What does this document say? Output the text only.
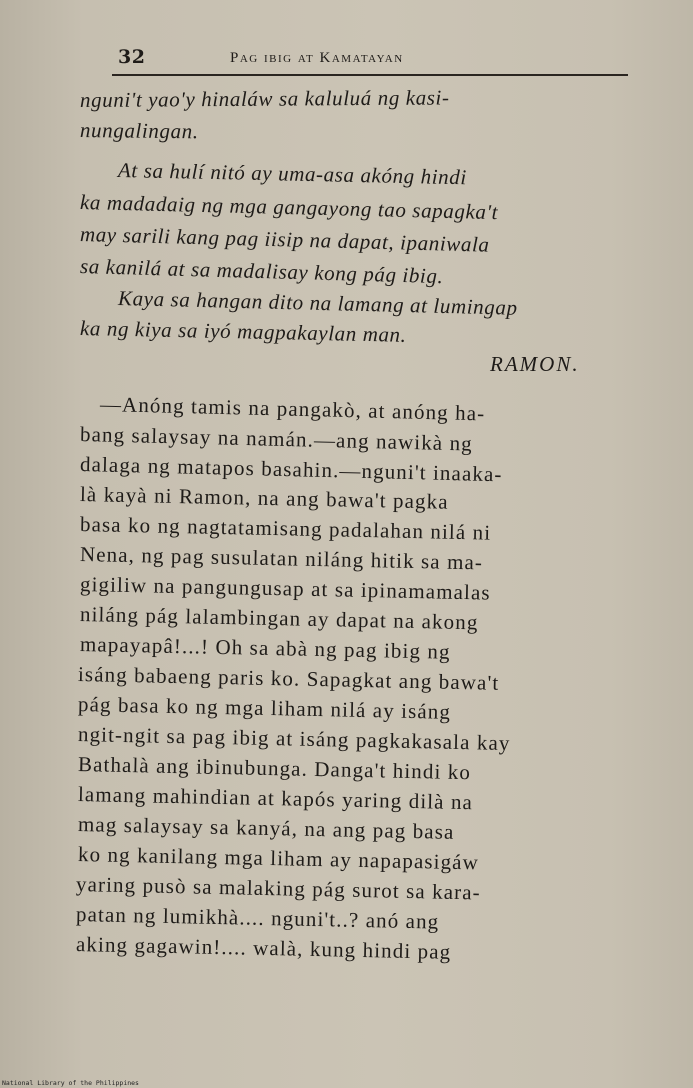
32	Pag ibig at Kamatayan
nguni't yao'y hinaláw sa kaluluá ng kasi-
nungalingan.
At sa hulí nitó ay uma-asa akóng hindi
ka madadaig ng mga gangayong tao sapagka't
may sarili kang pag iisip na dapat, ipaniwala
sa kanilá at sa madalisay kong pág ibig.
Kaya sa hangan dito na lamang at lumingap
ka ng kiya sa iyó magpakaylan man.
RAMON.
—Anóng tamis na pangakò, at anóng ha-
bang salaysay na namán.—ang nawikà ng
dalaga ng matapos basahin.—nguni't inaaka-
là kayà ni Ramon, na ang bawa't pagka
basa ko ng nagtatamisang padalahan nilá ni
Nena, ng pag susulatan niláng hitik sa ma-
gigiliw na pangungusap at sa ipinamamalas
niláng pág lalambingan ay dapat na akong
mapayapâ!...! Oh sa abà ng pag ibig ng
isáng babaeng paris ko. Sapagkat ang bawa't
pág basa ko ng mga liham nilá ay isáng
ngit-ngit sa pag ibig at isáng pagkakasala kay
Bathalà ang ibinubunga. Danga't hindi ko
lamang mahindian at kapós yaring dilà na
mag salaysay sa kanyá, na ang pag basa
ko ng kanilang mga liham ay napapasigáw
yaring pusò sa malaking pág surot sa kara-
patan ng lumikhà.... nguni't..? anó ang
aking gagawin!.... walà, kung hindi pag
National Library of the Philippines
